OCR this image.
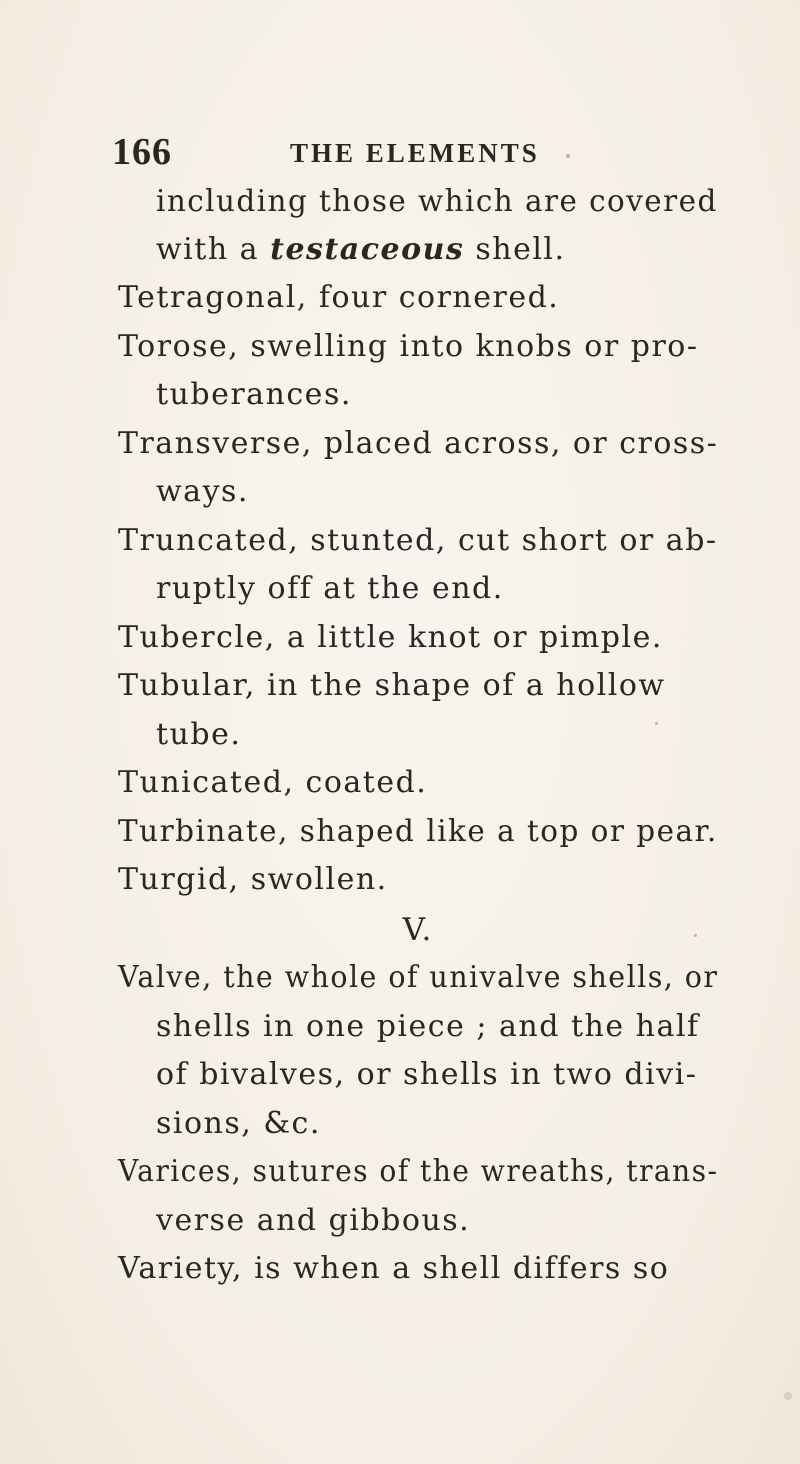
166	THE ELEMENTS
including those which are covered
with a testaceous shell.
Tetragonal, four cornered.
Torose, swelling into knobs or pro-
tuberances.
Transverse, placed across, or cross-
ways.
Truncated, stunted, cut short or ab-
ruptly off at the end.
Tubercle, a little knot or pimple.
Tubular, in the shape of a hollow
tube.
Tunicated, coated.
Turbinate, shaped like a top or pear.
Turgid, swollen.
V.
Valve, the whole of univalve shells, or
shells in one piece ; and the half
of bivalves, or shells in two divi-
sions, &c.
Varices, sutures of the wreaths, trans-
verse and gibbous.
Variety, is when a shell differs so
